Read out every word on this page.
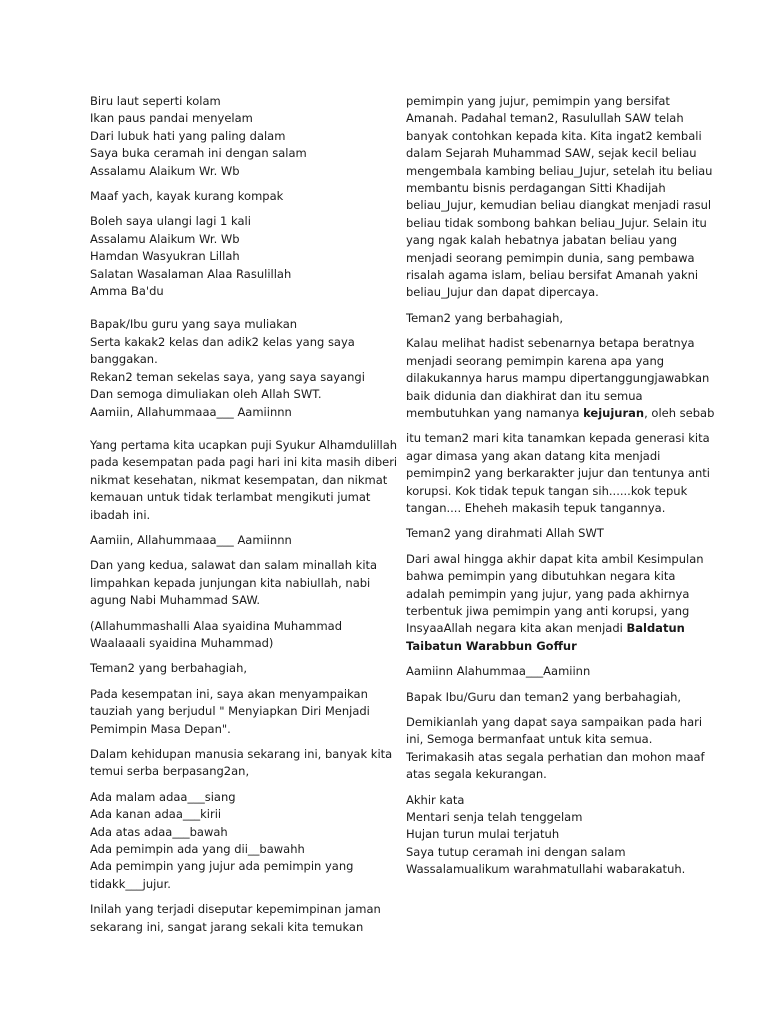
Biru laut seperti kolam
Ikan paus pandai menyelam
Dari lubuk hati yang paling dalam
Saya buka ceramah ini dengan salam
Assalamu Alaikum Wr. Wb

Maaf yach, kayak kurang kompak

Boleh saya ulangi lagi 1 kali
Assalamu Alaikum Wr. Wb
Hamdan Wasyukran Lillah
Salatan Wasalaman Alaa Rasulillah
Amma Ba'du

Bapak/Ibu guru yang saya muliakan
Serta kakak2 kelas dan adik2 kelas yang saya
banggakan.
Rekan2 teman sekelas saya, yang saya sayangi
Dan semoga dimuliakan oleh Allah SWT.
Aamiin, Allahummaaa___ Aamiinnn

Yang pertama kita ucapkan puji Syukur Alhamdulillah
pada kesempatan pada pagi hari ini kita masih diberi
nikmat kesehatan, nikmat kesempatan, dan nikmat
kemauan untuk tidak terlambat mengikuti jumat
ibadah ini.

Aamiin, Allahummaaa___ Aamiinnn

Dan yang kedua, salawat dan salam minallah kita
limpahkan kepada junjungan kita nabiullah, nabi
agung Nabi Muhammad SAW.

(Allahummashalli Alaa syaidina Muhammad
Waalaaali syaidina Muhammad)

Teman2 yang berbahagiah,

Pada kesempatan ini, saya akan menyampaikan
tauziah yang berjudul " Menyiapkan Diri Menjadi
Pemimpin Masa Depan".

Dalam kehidupan manusia sekarang ini, banyak kita
temui serba berpasang2an,

Ada malam adaa___siang
Ada kanan adaa___kirii
Ada atas adaa___bawah
Ada pemimpin ada yang dii__bawahh
Ada pemimpin yang jujur ada pemimpin yang
tidakk___jujur.

Inilah yang terjadi diseputar kepemimpinan jaman
sekarang ini, sangat jarang sekali kita temukan

pemimpin yang jujur, pemimpin yang bersifat
Amanah. Padahal teman2, Rasulullah SAW telah
banyak contohkan kepada kita. Kita ingat2 kembali
dalam Sejarah Muhammad SAW, sejak kecil beliau
mengembala kambing beliau_Jujur, setelah itu beliau
membantu bisnis perdagangan Sitti Khadijah
beliau_Jujur, kemudian beliau diangkat menjadi rasul
beliau tidak sombong bahkan beliau_Jujur. Selain itu
yang ngak kalah hebatnya jabatan beliau yang
menjadi seorang pemimpin dunia, sang pembawa
risalah agama islam, beliau bersifat Amanah yakni
beliau_Jujur dan dapat dipercaya.

Teman2 yang berbahagiah,

Kalau melihat hadist sebenarnya betapa beratnya
menjadi seorang pemimpin karena apa yang
dilakukannya harus mampu dipertanggungjawabkan
baik didunia dan diakhirat dan itu semua

membutuhkan yang namanya kejujuran, oleh sebab

itu teman2 mari kita tanamkan kepada generasi kita
agar dimasa yang akan datang kita menjadi
pemimpin2 yang berkarakter jujur dan tentunya anti
korupsi. Kok tidak tepuk tangan sih......kok tepuk
tangan.... Eheheh makasih tepuk tangannya.

Teman2 yang dirahmati Allah SWT

Dari awal hingga akhir dapat kita ambil Kesimpulan
bahwa pemimpin yang dibutuhkan negara kita
adalah pemimpin yang jujur, yang pada akhirnya
terbentuk jiwa pemimpin yang anti korupsi, yang

InsyaaAllah negara kita akan menjadi Baldatun

Taibatun Warabbun Goffur

Aamiinn Alahummaa___Aamiinn

Bapak Ibu/Guru dan teman2 yang berbahagiah,

Demikianlah yang dapat saya sampaikan pada hari
ini, Semoga bermanfaat untuk kita semua.
Terimakasih atas segala perhatian dan mohon maaf
atas segala kekurangan.

Akhir kata
Mentari senja telah tenggelam
Hujan turun mulai terjatuh
Saya tutup ceramah ini dengan salam
Wassalamualikum warahmatullahi wabarakatuh.
